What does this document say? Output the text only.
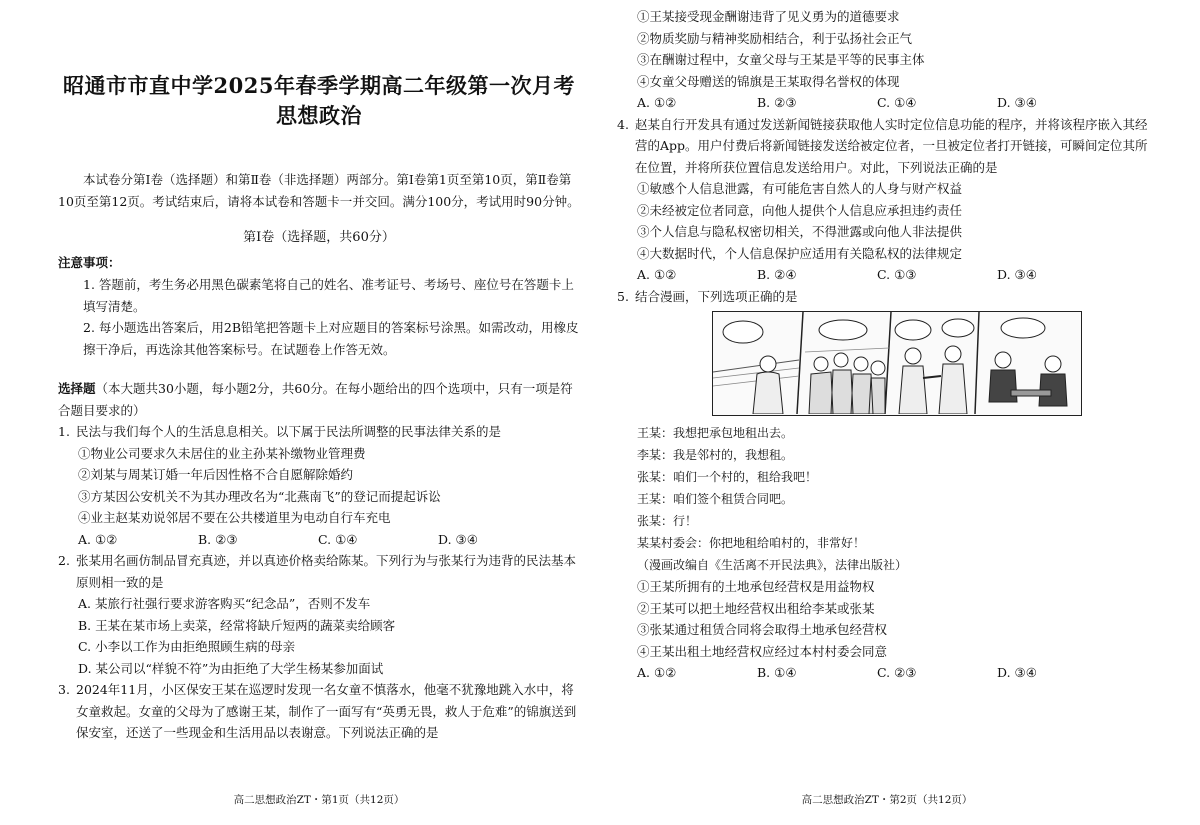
昭通市市直中学2025年春季学期高二年级第一次月考
思想政治
本试卷分第Ⅰ卷（选择题）和第Ⅱ卷（非选择题）两部分。第Ⅰ卷第1页至第10页，第Ⅱ卷第10页至第12页。考试结束后，请将本试卷和答题卡一并交回。满分100分，考试用时90分钟。
第Ⅰ卷（选择题，共60分）
注意事项：
1. 答题前，考生务必用黑色碳素笔将自己的姓名、准考证号、考场号、座位号在答题卡上填写清楚。
2. 每小题选出答案后，用2B铅笔把答题卡上对应题目的答案标号涂黑。如需改动，用橡皮擦干净后，再选涂其他答案标号。在试题卷上作答无效。
选择题（本大题共30小题，每小题2分，共60分。在每小题给出的四个选项中，只有一项是符合题目要求的）
1. 民法与我们每个人的生活息息相关。以下属于民法所调整的民事法律关系的是
①物业公司要求久未居住的业主孙某补缴物业管理费
②刘某与周某订婚一年后因性格不合自愿解除婚约
③方某因公安机关不为其办理改名为“北燕南飞”的登记而提起诉讼
④业主赵某劝说邻居不要在公共楼道里为电动自行车充电
A. ①②	B. ②③	C. ①④	D. ③④
2. 张某用名画仿制品冒充真迹，并以真迹价格卖给陈某。下列行为与张某行为违背的民法基本原则相一致的是
A. 某旅行社强行要求游客购买“纪念品”，否则不发车
B. 王某在某市场上卖菜，经常将缺斤短两的蔬菜卖给顾客
C. 小李以工作为由拒绝照顾生病的母亲
D. 某公司以“样貌不符”为由拒绝了大学生杨某参加面试
3. 2024年11月，小区保安王某在巡逻时发现一名女童不慎落水，他毫不犹豫地跳入水中，将女童救起。女童的父母为了感谢王某，制作了一面写有“英勇无畏，救人于危难”的锦旗送到保安室，还送了一些现金和生活用品以表谢意。下列说法正确的是
高二思想政治ZT・第1页（共12页）
①王某接受现金酬谢违背了见义勇为的道德要求
②物质奖励与精神奖励相结合，利于弘扬社会正气
③在酬谢过程中，女童父母与王某是平等的民事主体
④女童父母赠送的锦旗是王某取得名誉权的体现
A. ①②	B. ②③	C. ①④	D. ③④
4. 赵某自行开发具有通过发送新闻链接获取他人实时定位信息功能的程序，并将该程序嵌入其经营的App。用户付费后将新闻链接发送给被定位者，一旦被定位者打开链接，可瞬间定位其所在位置，并将所获位置信息发送给用户。对此，下列说法正确的是
①敏感个人信息泄露，有可能危害自然人的人身与财产权益
②未经被定位者同意，向他人提供个人信息应承担违约责任
③个人信息与隐私权密切相关，不得泄露或向他人非法提供
④大数据时代，个人信息保护应适用有关隐私权的法律规定
A. ①②	B. ②④	C. ①③	D. ③④
5. 结合漫画，下列选项正确的是
王某：我想把承包地租出去。
李某：我是邻村的，我想租。
张某：咱们一个村的，租给我吧！
王某：咱们签个租赁合同吧。
张某：行！
某某村委会：你把地租给咱村的，非常好！
（漫画改编自《生活离不开民法典》，法律出版社）
①王某所拥有的土地承包经营权是用益物权
②王某可以把土地经营权出租给李某或张某
③张某通过租赁合同将会取得土地承包经营权
④王某出租土地经营权应经过本村村委会同意
A. ①②	B. ①④	C. ②③	D. ③④
高二思想政治ZT・第2页（共12页）
